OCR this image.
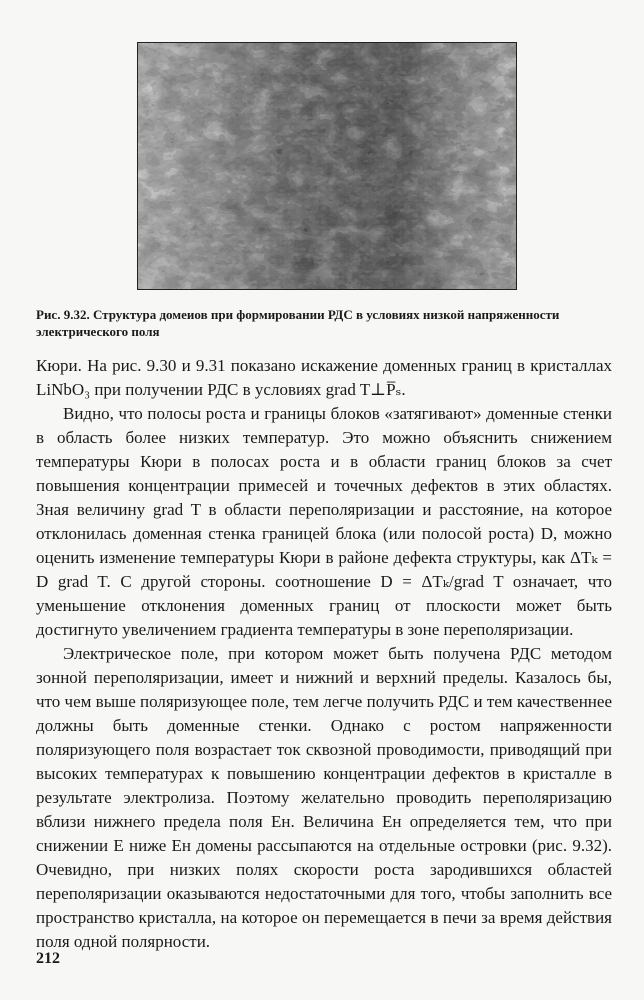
Рис. 9.32. Структура домеиов при формировании РДС в условиях низкой напряженности электрического поля

Кюри. На рис. 9.30 и 9.31 показано искажение доменных границ в кристаллах LiNbO₃ при получении РДС в условиях grad T⊥P̅ₛ.

Видно, что полосы роста и границы блоков «затягивают» доменные стенки в область более низких температур. Это можно объяснить снижением температуры Кюри в полосах роста и в области границ блоков за счет повышения концентрации примесей и точечных дефектов в этих областях. Зная величину grad T в области переполяризации и расстояние, на которое отклонилась доменная стенка границей блока (или полосой роста) D, можно оценить изменение температуры Кюри в районе дефекта структуры, как ΔTₖ = D grad T. С другой стороны. соотношение D = ΔTₖ/grad T означает, что уменьшение отклонения доменных границ от плоскости может быть достигнуто увеличением градиента температуры в зоне переполяризации.

Электрическое поле, при котором может быть получена РДС методом зонной переполяризации, имеет и нижний и верхний пределы. Казалось бы, что чем выше поляризующее поле, тем легче получить РДС и тем качественнее должны быть доменные стенки. Однако с ростом напряженности поляризующего поля возрастает ток сквозной проводимости, приводящий при высоких температурах к повышению концентрации дефектов в кристалле в результате электролиза. Поэтому желательно проводить переполяризацию вблизи нижнего предела поля Eн. Величина Eн определяется тем, что при снижении E ниже Eн домены рассыпаются на отдельные островки (рис. 9.32). Очевидно, при низких полях скорости роста зародившихся областей переполяризации оказываются недостаточными для того, чтобы заполнить все пространство кристалла, на которое он перемещается в печи за время действия поля одной полярности.

212
